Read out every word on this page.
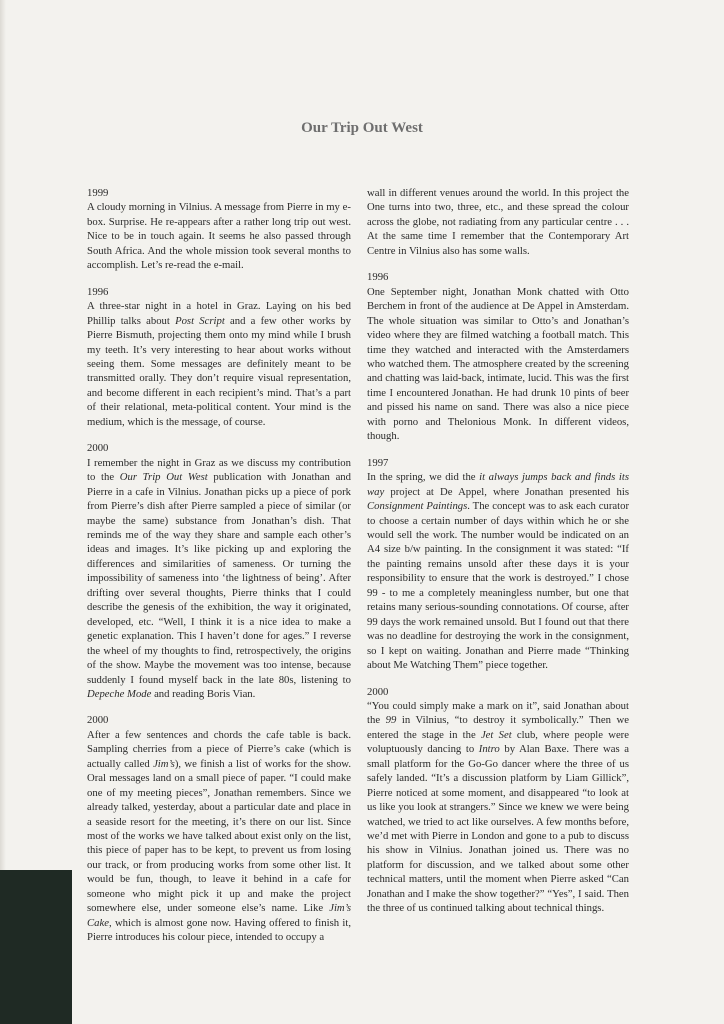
Our Trip Out West
1999

A cloudy morning in Vilnius. A message from Pierre in my e-box. Surprise. He re-appears after a rather long trip out west. Nice to be in touch again. It seems he also passed through South Africa. And the whole mission took several months to accomplish. Let’s re-read the e-mail.

1996

A three-star night in a hotel in Graz. Laying on his bed Phillip talks about Post Script and a few other works by Pierre Bismuth, projecting them onto my mind while I brush my teeth. It’s very interesting to hear about works without seeing them. Some messages are definitely meant to be transmitted orally. They don’t require visual representation, and become different in each recipient’s mind. That’s a part of their relational, meta-political content. Your mind is the medium, which is the message, of course.

2000

I remember the night in Graz as we discuss my contribution to the Our Trip Out West publication with Jonathan and Pierre in a cafe in Vilnius. Jonathan picks up a piece of pork from Pierre’s dish after Pierre sampled a piece of similar (or maybe the same) substance from Jonathan’s dish. That reminds me of the way they share and sample each other’s ideas and images. It’s like picking up and exploring the differences and similarities of sameness. Or turning the impossibility of sameness into ‘the lightness of being’. After drifting over several thoughts, Pierre thinks that I could describe the genesis of the exhibition, the way it originated, developed, etc. “Well, I think it is a nice idea to make a genetic explanation. This I haven’t done for ages.” I reverse the wheel of my thoughts to find, retrospectively, the origins of the show. Maybe the movement was too intense, because suddenly I found myself back in the late 80s, listening to Depeche Mode and reading Boris Vian.

2000

After a few sentences and chords the cafe table is back. Sampling cherries from a piece of Pierre’s cake (which is actually called Jim’s), we finish a list of works for the show. Oral messages land on a small piece of paper. “I could make one of my meeting pieces”, Jonathan remembers. Since we already talked, yesterday, about a particular date and place in a seaside resort for the meeting, it’s there on our list. Since most of the works we have talked about exist only on the list, this piece of paper has to be kept, to prevent us from losing our track, or from producing works from some other list. It would be fun, though, to leave it behind in a cafe for someone who might pick it up and make the project somewhere else, under someone else’s name. Like Jim’s Cake, which is almost gone now. Having offered to finish it, Pierre introduces his colour piece, intended to occupy a

wall in different venues around the world. In this project the One turns into two, three, etc., and these spread the colour across the globe, not radiating from any particular centre . . . At the same time I remember that the Contemporary Art Centre in Vilnius also has some walls.

1996

One September night, Jonathan Monk chatted with Otto Berchem in front of the audience at De Appel in Amsterdam. The whole situation was similar to Otto’s and Jonathan’s video where they are filmed watching a football match. This time they watched and interacted with the Amsterdamers who watched them. The atmosphere created by the screening and chatting was laid-back, intimate, lucid. This was the first time I encountered Jonathan. He had drunk 10 pints of beer and pissed his name on sand. There was also a nice piece with porno and Thelonious Monk. In different videos, though.

1997

In the spring, we did the it always jumps back and finds its way project at De Appel, where Jonathan presented his Consignment Paintings. The concept was to ask each curator to choose a certain number of days within which he or she would sell the work. The number would be indicated on an A4 size b/w painting. In the consignment it was stated: “If the painting remains unsold after these days it is your responsibility to ensure that the work is destroyed.” I chose 99 - to me a completely meaningless number, but one that retains many serious-sounding connotations. Of course, after 99 days the work remained unsold. But I found out that there was no deadline for destroying the work in the consignment, so I kept on waiting. Jonathan and Pierre made “Thinking about Me Watching Them” piece together.

2000

“You could simply make a mark on it”, said Jonathan about the 99 in Vilnius, “to destroy it symbolically.” Then we entered the stage in the Jet Set club, where people were voluptuously dancing to Intro by Alan Baxe. There was a small platform for the Go-Go dancer where the three of us safely landed. “It’s a discussion platform by Liam Gillick”, Pierre noticed at some moment, and disappeared “to look at us like you look at strangers.” Since we knew we were being watched, we tried to act like ourselves. A few months before, we’d met with Pierre in London and gone to a pub to discuss his show in Vilnius. Jonathan joined us. There was no platform for discussion, and we talked about some other technical matters, until the moment when Pierre asked “Can Jonathan and I make the show together?” “Yes”, I said. Then the three of us continued talking about technical things.
